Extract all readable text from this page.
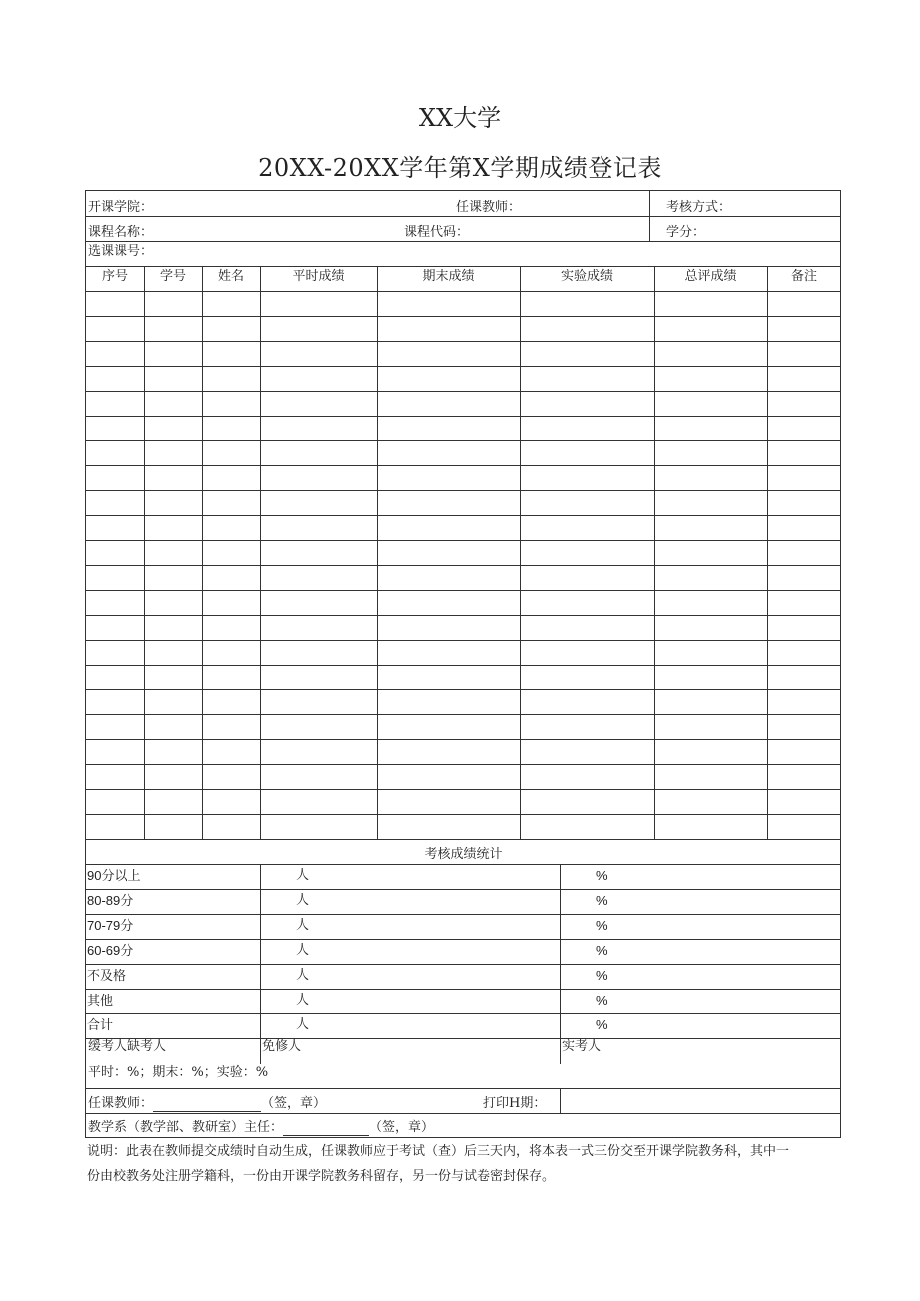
XX大学
20XX-20XX学年第X学期成绩登记表
开课学院：	任课教师：	考核方式：
课程名称：	课程代码：	学分：
选课课号：
序号	学号	姓名	平时成绩	期末成绩	实验成绩	总评成绩	备注
考核成绩统计
缓考人缺考人	免修人	实考人
平时：%；期末：%；实验：%
任课教师：	（签，章）	打印H期：
教学系（教学部、教研室）主任：	（签，章）
90分以上	人	%
80-89分	人	%
70-79分	人	%
60-69分	人	%
不及格	人	%
其他	人	%
合计	人	%
说明：此表在教师提交成绩时自动生成，任课教师应于考试（查）后三天内，将本表一式三份交至开课学院教务科，其中一
份由校教务处注册学籍科，一份由开课学院教务科留存，另一份与试卷密封保存。
